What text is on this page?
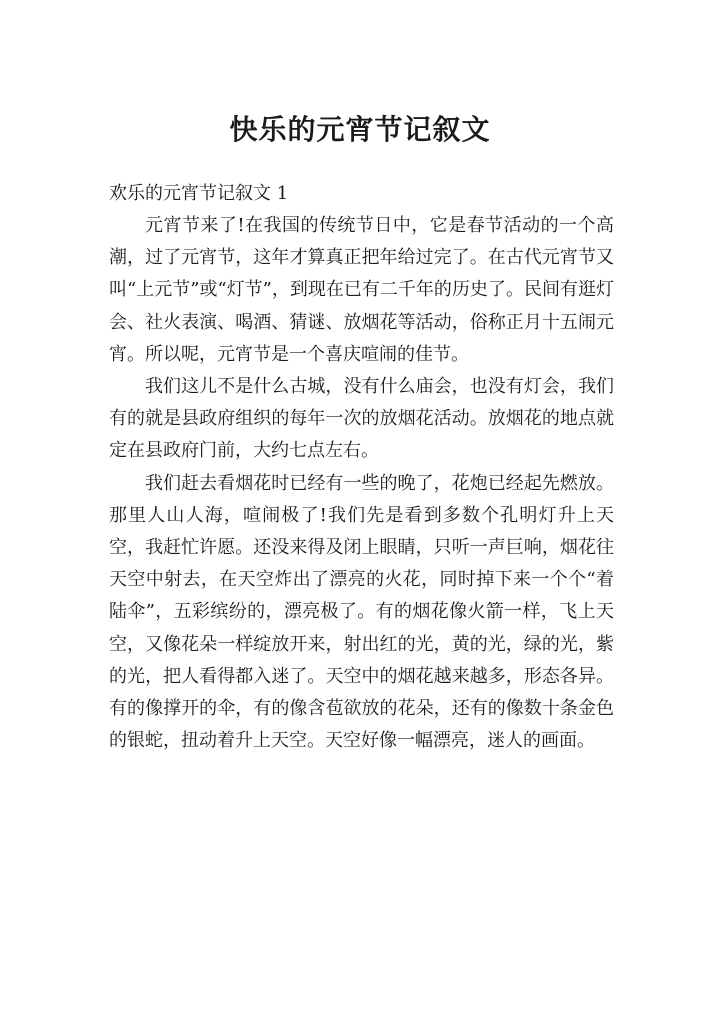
快乐的元宵节记叙文

欢乐的元宵节记叙文 1

元宵节来了!在我国的传统节日中，它是春节活动的一个高潮，过了元宵节，这年才算真正把年给过完了。在古代元宵节又叫“上元节”或“灯节”，到现在已有二千年的历史了。民间有逛灯会、社火表演、喝酒、猜谜、放烟花等活动，俗称正月十五闹元宵。所以呢，元宵节是一个喜庆喧闹的佳节。

我们这儿不是什么古城，没有什么庙会，也没有灯会，我们有的就是县政府组织的每年一次的放烟花活动。放烟花的地点就定在县政府门前，大约七点左右。

我们赶去看烟花时已经有一些的晚了，花炮已经起先燃放。那里人山人海，喧闹极了!我们先是看到多数个孔明灯升上天空，我赶忙许愿。还没来得及闭上眼睛，只听一声巨响，烟花往天空中射去，在天空炸出了漂亮的火花，同时掉下来一个个“着陆伞”，五彩缤纷的，漂亮极了。有的烟花像火箭一样，飞上天空，又像花朵一样绽放开来，射出红的光，黄的光，绿的光，紫的光，把人看得都入迷了。天空中的烟花越来越多，形态各异。有的像撑开的伞，有的像含苞欲放的花朵，还有的像数十条金色的银蛇，扭动着升上天空。天空好像一幅漂亮，迷人的画面。
